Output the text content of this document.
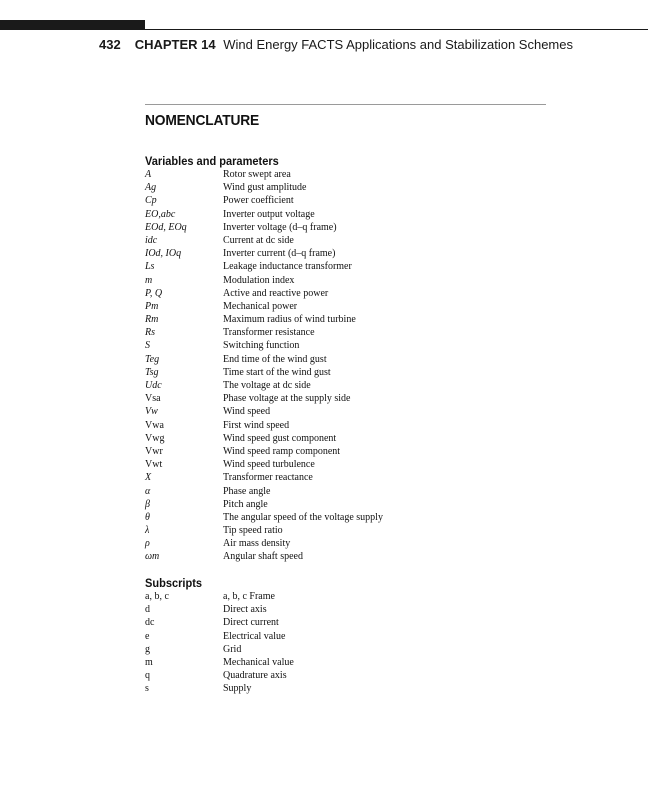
432 CHAPTER 14 Wind Energy FACTS Applications and Stabilization Schemes
NOMENCLATURE
Variables and parameters
A	Rotor swept area
Ag	Wind gust amplitude
Cp	Power coefficient
EO,abc	Inverter output voltage
EOd, EOq	Inverter voltage (d–q frame)
idc	Current at dc side
IOd, IOq	Inverter current (d–q frame)
Ls	Leakage inductance transformer
m	Modulation index
P, Q	Active and reactive power
Pm	Mechanical power
Rm	Maximum radius of wind turbine
Rs	Transformer resistance
S	Switching function
Teg	End time of the wind gust
Tsg	Time start of the wind gust
Udc	The voltage at dc side
Vsa	Phase voltage at the supply side
Vw	Wind speed
Vwa	First wind speed
Vwg	Wind speed gust component
Vwr	Wind speed ramp component
Vwt	Wind speed turbulence
X	Transformer reactance
α	Phase angle
β	Pitch angle
θ	The angular speed of the voltage supply
λ	Tip speed ratio
ρ	Air mass density
ωm	Angular shaft speed
Subscripts
a, b, c	a, b, c Frame
d	Direct axis
dc	Direct current
e	Electrical value
g	Grid
m	Mechanical value
q	Quadrature axis
s	Supply
